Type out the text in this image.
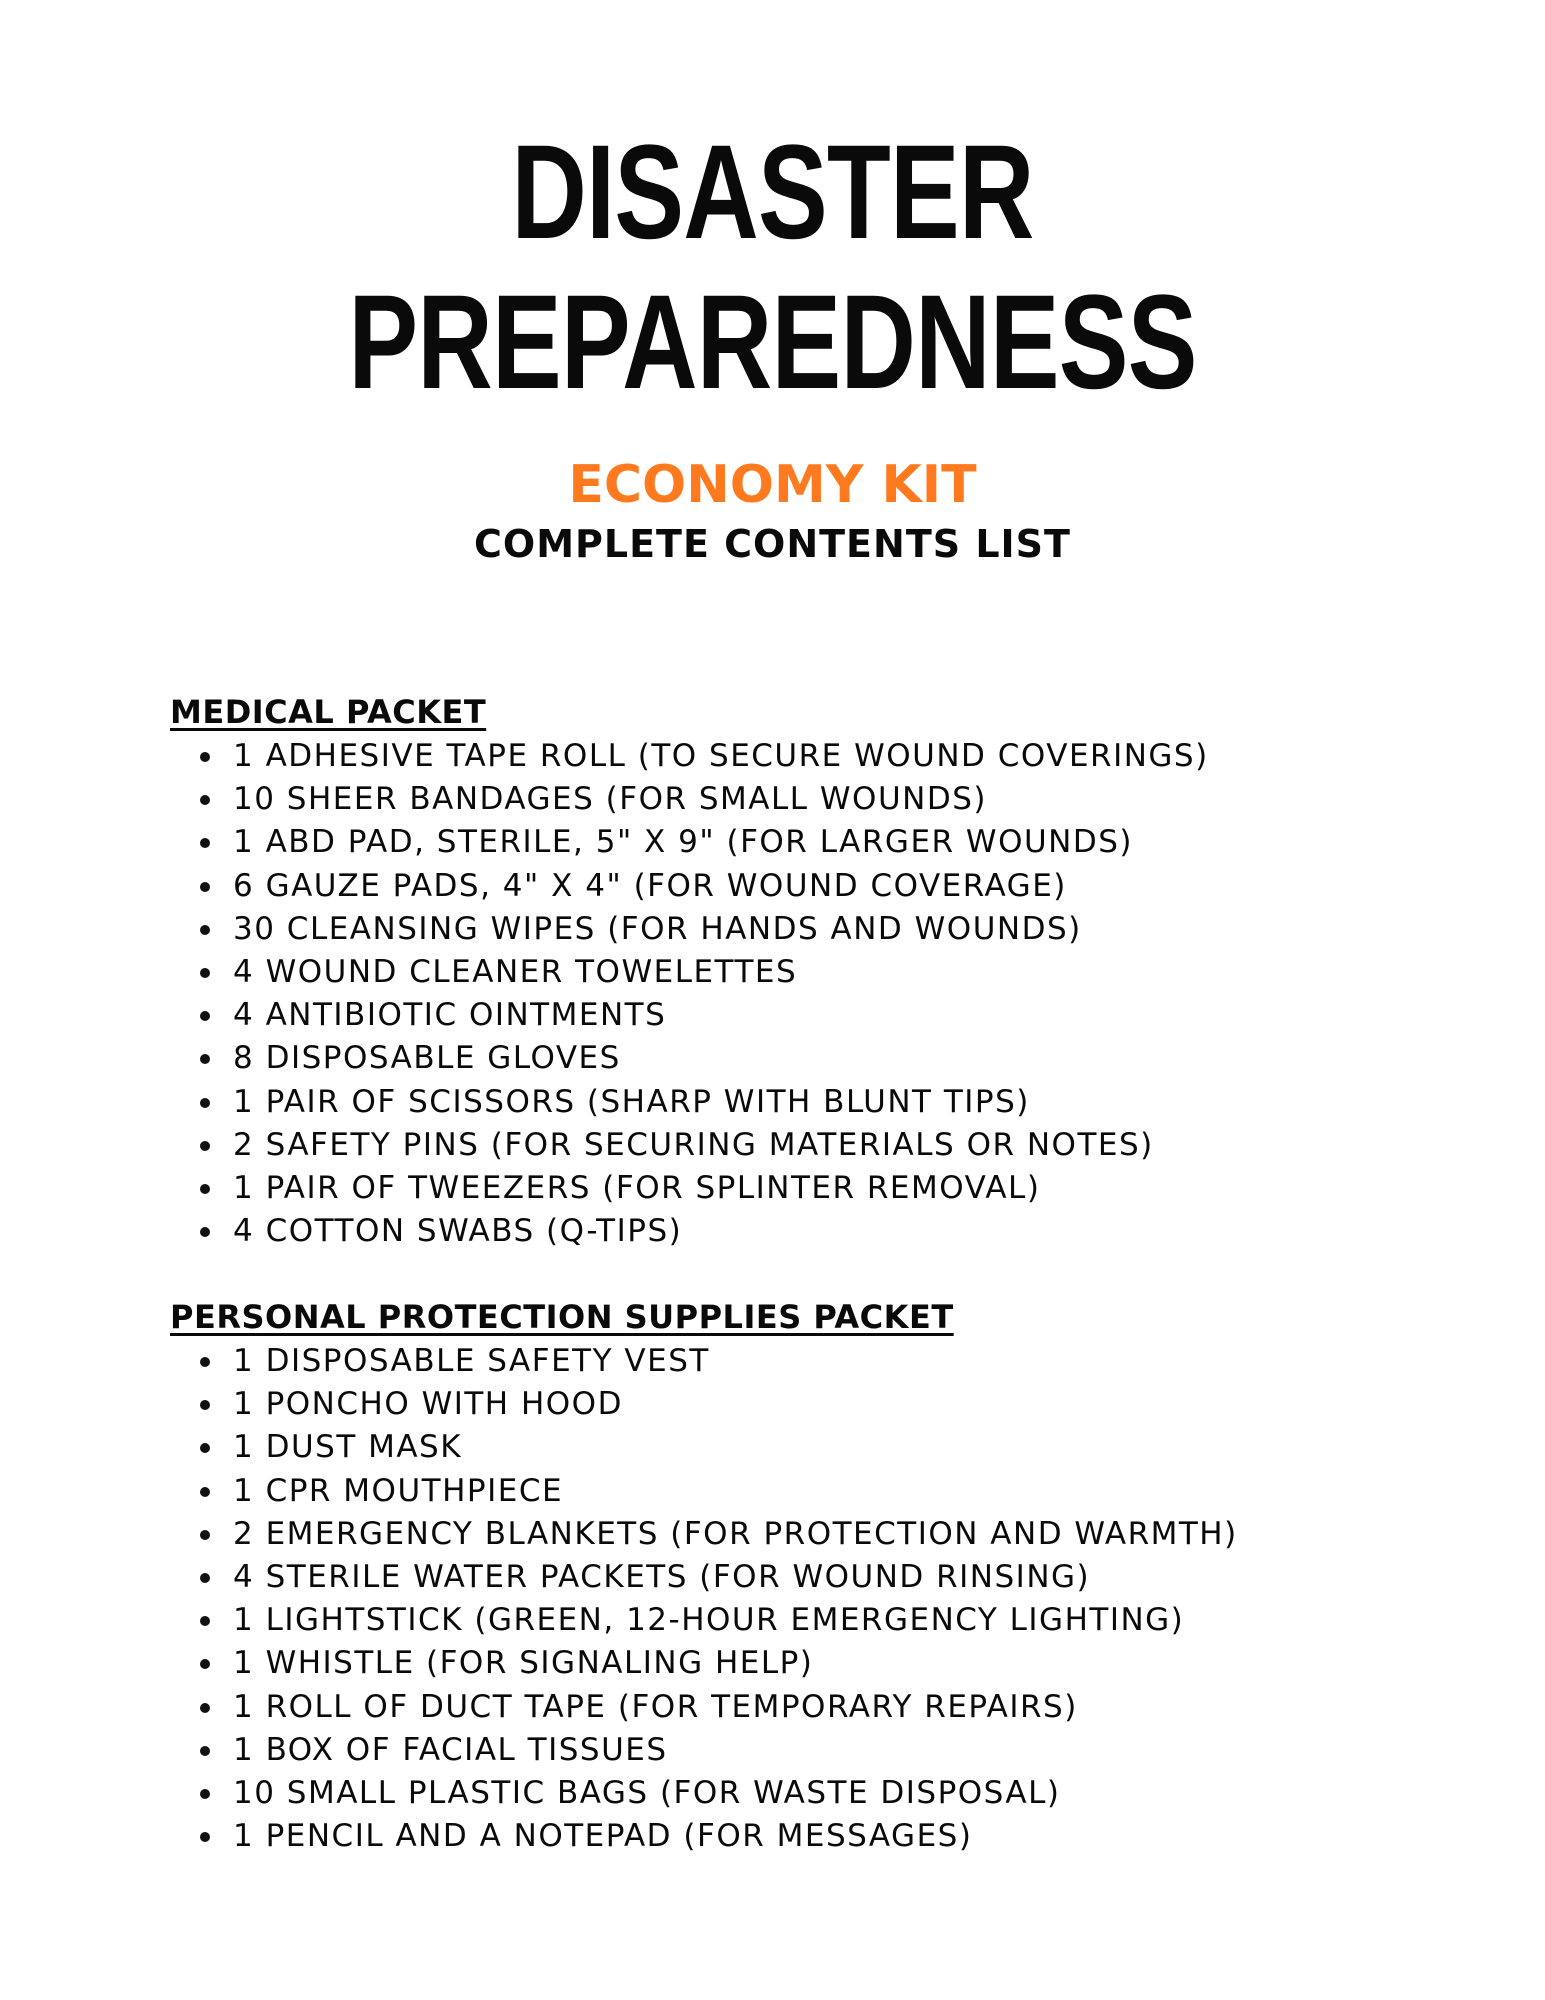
DISASTER
PREPAREDNESS
ECONOMY KIT
COMPLETE CONTENTS LIST
MEDICAL PACKET
1 ADHESIVE TAPE ROLL (TO SECURE WOUND COVERINGS)
10 SHEER BANDAGES (FOR SMALL WOUNDS)
1 ABD PAD, STERILE, 5" X 9" (FOR LARGER WOUNDS)
6 GAUZE PADS, 4" X 4" (FOR WOUND COVERAGE)
30 CLEANSING WIPES (FOR HANDS AND WOUNDS)
4 WOUND CLEANER TOWELETTES
4 ANTIBIOTIC OINTMENTS
8 DISPOSABLE GLOVES
1 PAIR OF SCISSORS (SHARP WITH BLUNT TIPS)
2 SAFETY PINS (FOR SECURING MATERIALS OR NOTES)
1 PAIR OF TWEEZERS (FOR SPLINTER REMOVAL)
4 COTTON SWABS (Q-TIPS)
PERSONAL PROTECTION SUPPLIES PACKET
1 DISPOSABLE SAFETY VEST
1 PONCHO WITH HOOD
1 DUST MASK
1 CPR MOUTHPIECE
2 EMERGENCY BLANKETS (FOR PROTECTION AND WARMTH)
4 STERILE WATER PACKETS (FOR WOUND RINSING)
1 LIGHTSTICK (GREEN, 12-HOUR EMERGENCY LIGHTING)
1 WHISTLE (FOR SIGNALING HELP)
1 ROLL OF DUCT TAPE (FOR TEMPORARY REPAIRS)
1 BOX OF FACIAL TISSUES
10 SMALL PLASTIC BAGS (FOR WASTE DISPOSAL)
1 PENCIL AND A NOTEPAD (FOR MESSAGES)
